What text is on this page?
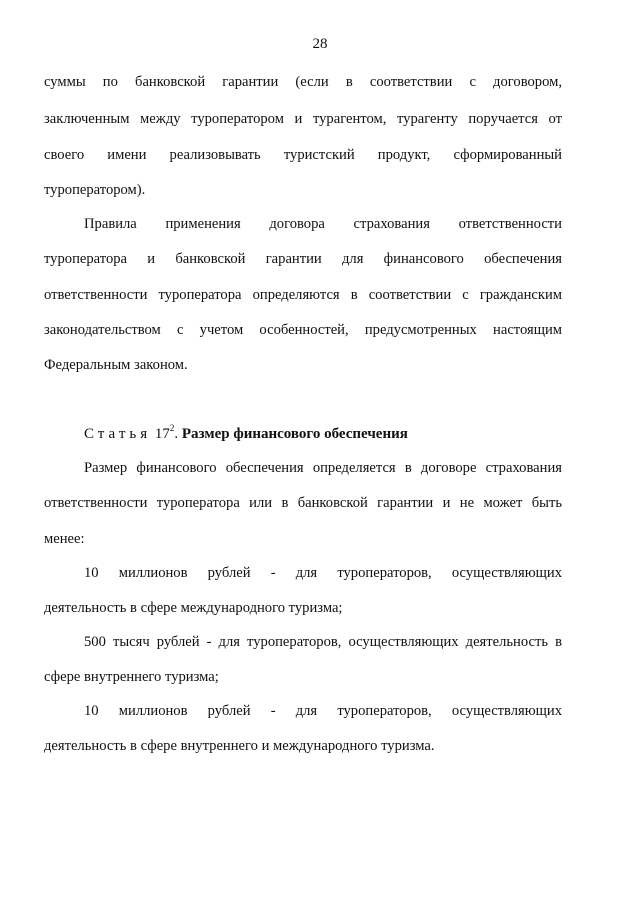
28
суммы по банковской гарантии (если в соответствии с договором,
заключенным между туроператором и турагентом, турагенту поручается от
своего имени реализовывать туристский продукт, сформированный
туроператором).
Правила применения договора страхования ответственности
туроператора и банковской гарантии для финансового обеспечения
ответственности туроператора определяются в соответствии с гражданским
законодательством с учетом особенностей, предусмотренных настоящим
Федеральным законом.
Статья $17^2$. Размер финансового обеспечения
Размер финансового обеспечения определяется в договоре страхования
ответственности туроператора или в банковской гарантии и не может быть
менее:
10 миллионов рублей - для туроператоров, осуществляющих
деятельность в сфере международного туризма;
500 тысяч рублей - для туроператоров, осуществляющих деятельность в
сфере внутреннего туризма;
10 миллионов рублей - для туроператоров, осуществляющих
деятельность в сфере внутреннего и международного туризма.
